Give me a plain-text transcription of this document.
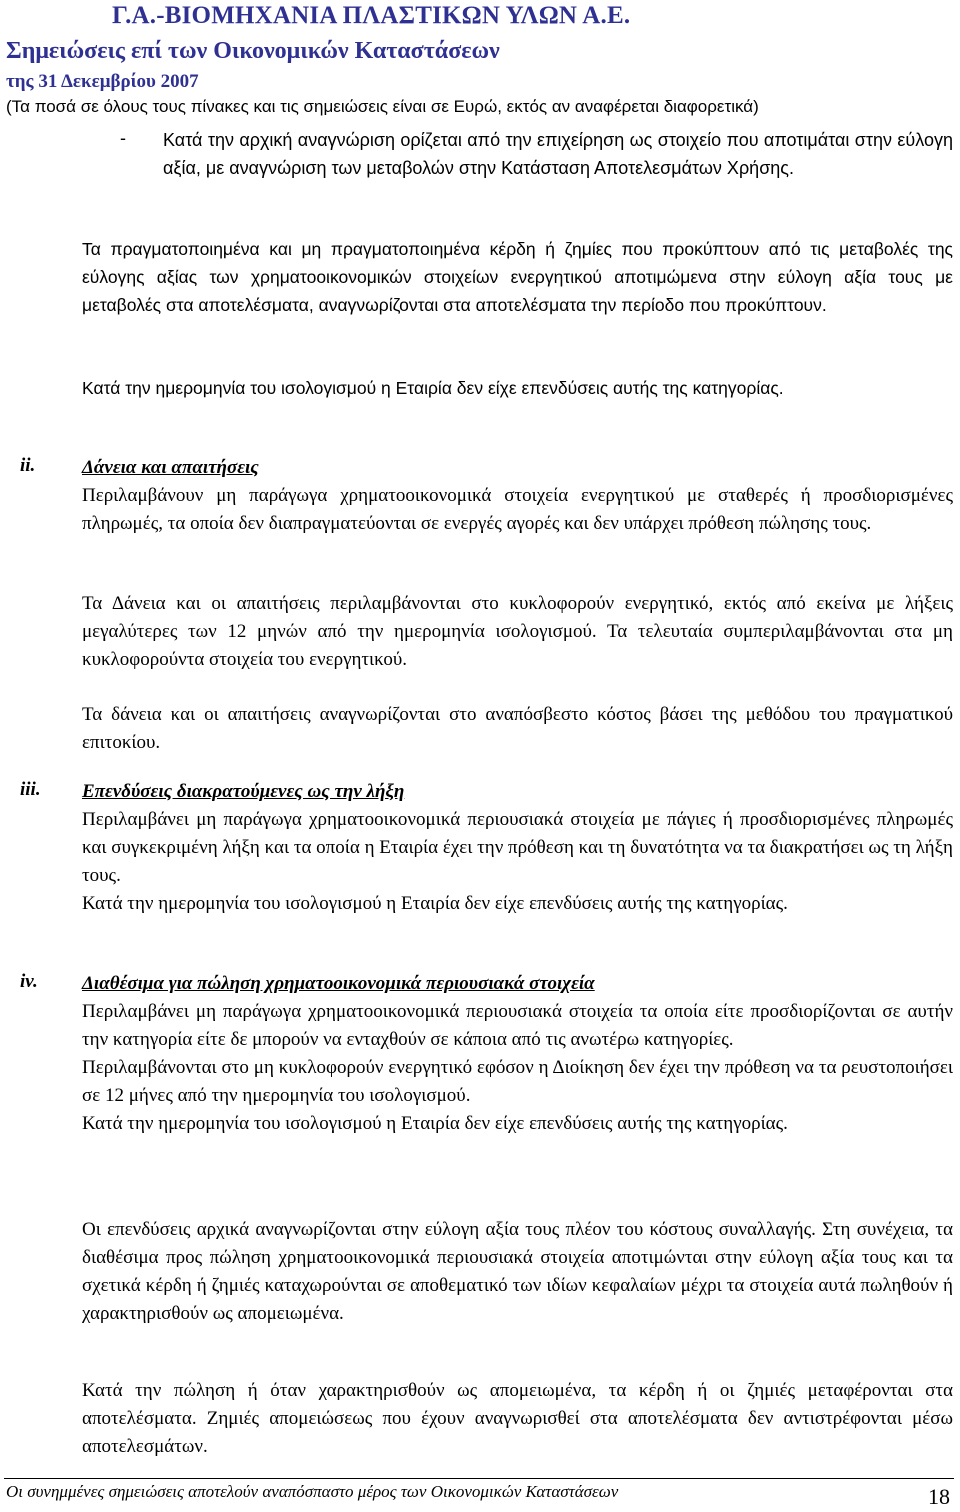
Γ.Α.-ΒΙΟΜΗΧΑΝΙΑ ΠΛΑΣΤΙΚΩΝ ΥΛΩΝ Α.Ε.
Σημειώσεις επί των Οικονομικών Καταστάσεων
της 31 Δεκεμβρίου 2007
(Τα ποσά σε όλους τους πίνακες και τις σημειώσεις είναι σε Ευρώ, εκτός αν αναφέρεται διαφορετικά)
- Κατά την αρχική αναγνώριση ορίζεται από την επιχείρηση ως στοιχείο που αποτιμάται στην εύλογη αξία, με αναγνώριση των μεταβολών στην Κατάσταση Αποτελεσμάτων Χρήσης.
Τα πραγματοποιημένα και μη πραγματοποιημένα κέρδη ή ζημίες που προκύπτουν από τις μεταβολές της εύλογης αξίας των χρηματοοικονομικών στοιχείων ενεργητικού αποτιμώμενα στην εύλογη αξία τους με μεταβολές στα αποτελέσματα, αναγνωρίζονται στα αποτελέσματα την περίοδο που προκύπτουν.
Κατά την ημερομηνία του ισολογισμού η Εταιρία δεν είχε επενδύσεις αυτής της κατηγορίας.
ii. Δάνεια και απαιτήσεις
Περιλαμβάνουν μη παράγωγα χρηματοοικονομικά στοιχεία ενεργητικού με σταθερές ή προσδιορισμένες πληρωμές, τα οποία δεν διαπραγματεύονται σε ενεργές αγορές και δεν υπάρχει πρόθεση πώλησης τους.
Τα Δάνεια και οι απαιτήσεις περιλαμβάνονται στο κυκλοφορούν ενεργητικό, εκτός από εκείνα με λήξεις μεγαλύτερες των 12 μηνών από την ημερομηνία ισολογισμού. Τα τελευταία συμπεριλαμβάνονται στα μη κυκλοφορούντα στοιχεία του ενεργητικού.
Τα δάνεια και οι απαιτήσεις αναγνωρίζονται στο αναπόσβεστο κόστος βάσει της μεθόδου του πραγματικού επιτοκίου.
iii. Επενδύσεις διακρατούμενες ως την λήξη
Περιλαμβάνει μη παράγωγα χρηματοοικονομικά περιουσιακά στοιχεία με πάγιες ή προσδιορισμένες πληρωμές και συγκεκριμένη λήξη και τα οποία η Εταιρία έχει την πρόθεση και τη δυνατότητα να τα διακρατήσει ως τη λήξη τους.
Κατά την ημερομηνία του ισολογισμού η Εταιρία δεν είχε επενδύσεις αυτής της κατηγορίας.
iv. Διαθέσιμα για πώληση χρηματοοικονομικά περιουσιακά στοιχεία
Περιλαμβάνει μη παράγωγα χρηματοοικονομικά περιουσιακά στοιχεία τα οποία είτε προσδιορίζονται σε αυτήν την κατηγορία είτε δε μπορούν να ενταχθούν σε κάποια από τις ανωτέρω κατηγορίες.
Περιλαμβάνονται στο μη κυκλοφορούν ενεργητικό εφόσον η Διοίκηση δεν έχει την πρόθεση να τα ρευστοποιήσει σε 12 μήνες από την ημερομηνία του ισολογισμού.
Κατά την ημερομηνία του ισολογισμού η Εταιρία δεν είχε επενδύσεις αυτής της κατηγορίας.
Οι επενδύσεις αρχικά αναγνωρίζονται στην εύλογη αξία τους πλέον του κόστους συναλλαγής. Στη συνέχεια, τα διαθέσιμα προς πώληση χρηματοοικονομικά περιουσιακά στοιχεία αποτιμώνται στην εύλογη αξία τους και τα σχετικά κέρδη ή ζημιές καταχωρούνται σε αποθεματικό των ιδίων κεφαλαίων μέχρι τα στοιχεία αυτά πωληθούν ή χαρακτηρισθούν ως απομειωμένα.
Κατά την πώληση ή όταν χαρακτηρισθούν ως απομειωμένα, τα κέρδη ή οι ζημιές μεταφέρονται στα αποτελέσματα. Ζημιές απομειώσεως που έχουν αναγνωρισθεί στα αποτελέσματα δεν αντιστρέφονται μέσω αποτελεσμάτων.
Οι συνημμένες σημειώσεις αποτελούν αναπόσπαστο μέρος των Οικονομικών Καταστάσεων	18
